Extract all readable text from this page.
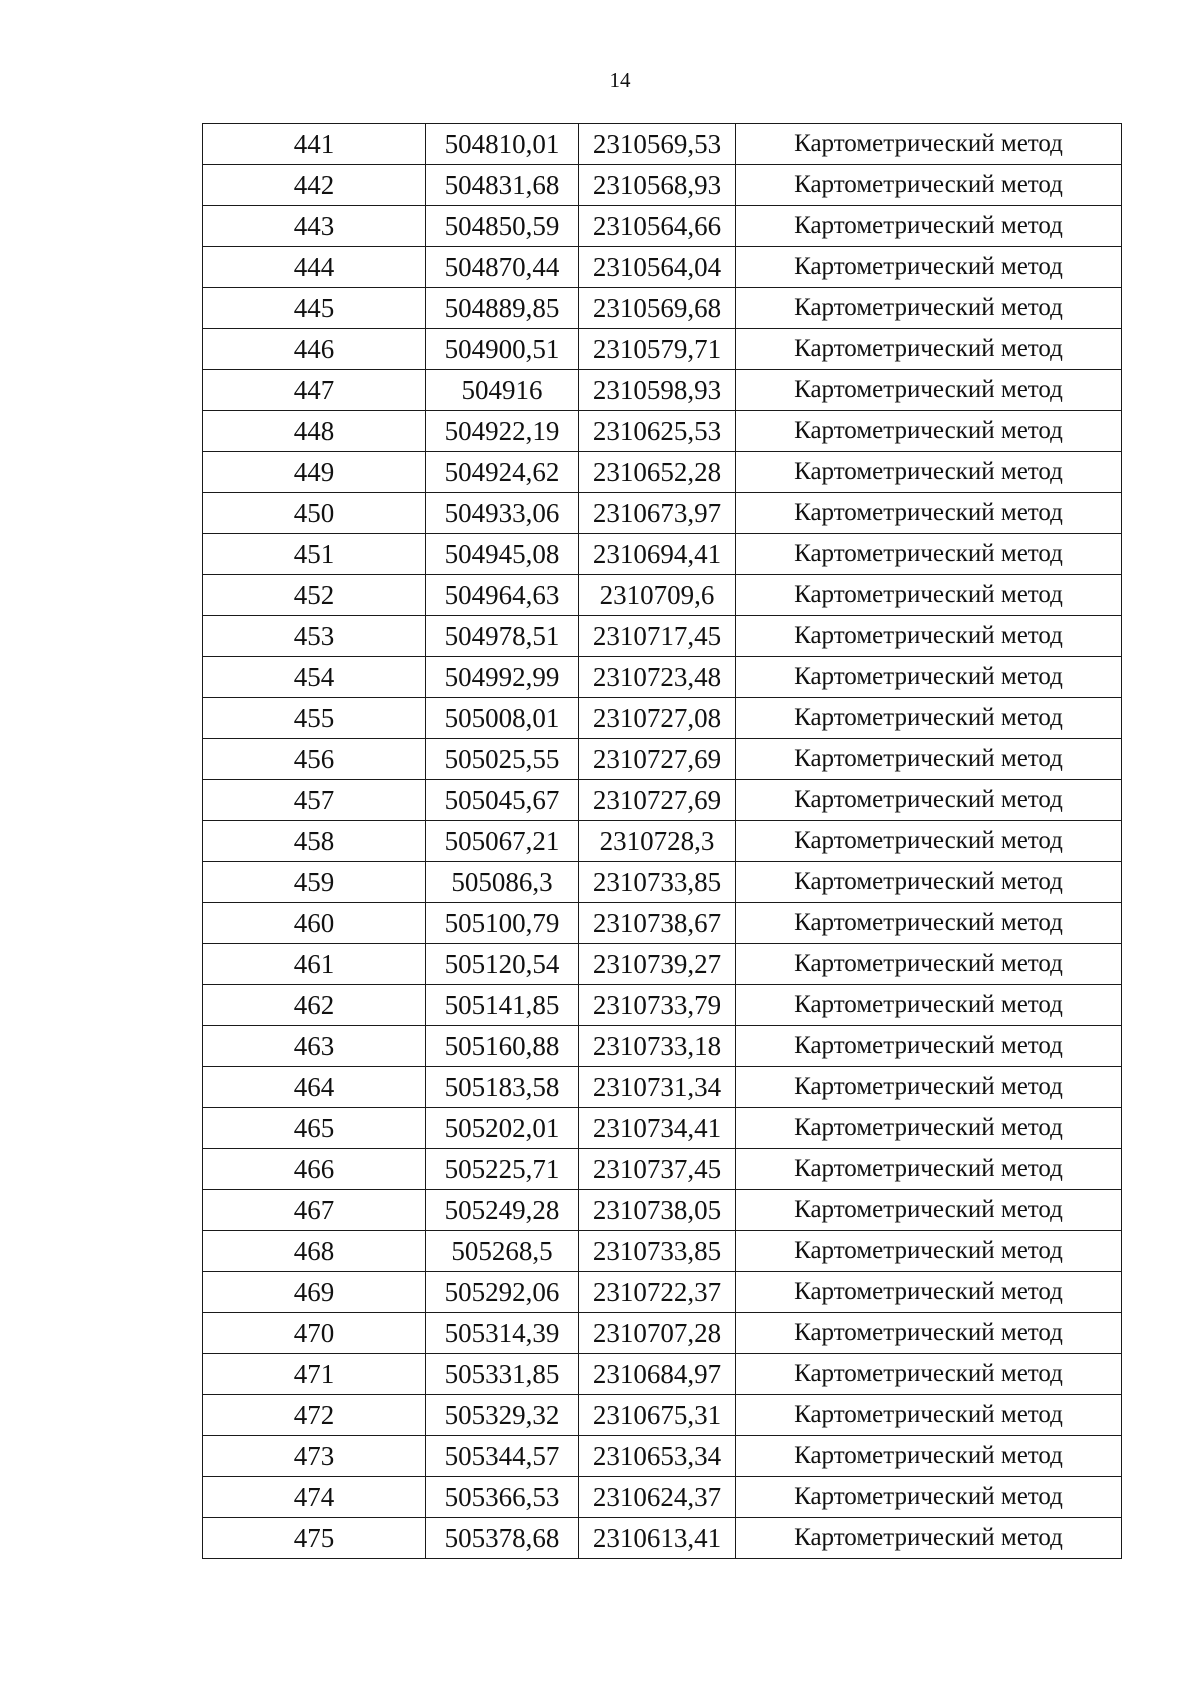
14
441	504810,01	2310569,53	Картометрический метод
442	504831,68	2310568,93	Картометрический метод
443	504850,59	2310564,66	Картометрический метод
444	504870,44	2310564,04	Картометрический метод
445	504889,85	2310569,68	Картометрический метод
446	504900,51	2310579,71	Картометрический метод
447	504916	2310598,93	Картометрический метод
448	504922,19	2310625,53	Картометрический метод
449	504924,62	2310652,28	Картометрический метод
450	504933,06	2310673,97	Картометрический метод
451	504945,08	2310694,41	Картометрический метод
452	504964,63	2310709,6	Картометрический метод
453	504978,51	2310717,45	Картометрический метод
454	504992,99	2310723,48	Картометрический метод
455	505008,01	2310727,08	Картометрический метод
456	505025,55	2310727,69	Картометрический метод
457	505045,67	2310727,69	Картометрический метод
458	505067,21	2310728,3	Картометрический метод
459	505086,3	2310733,85	Картометрический метод
460	505100,79	2310738,67	Картометрический метод
461	505120,54	2310739,27	Картометрический метод
462	505141,85	2310733,79	Картометрический метод
463	505160,88	2310733,18	Картометрический метод
464	505183,58	2310731,34	Картометрический метод
465	505202,01	2310734,41	Картометрический метод
466	505225,71	2310737,45	Картометрический метод
467	505249,28	2310738,05	Картометрический метод
468	505268,5	2310733,85	Картометрический метод
469	505292,06	2310722,37	Картометрический метод
470	505314,39	2310707,28	Картометрический метод
471	505331,85	2310684,97	Картометрический метод
472	505329,32	2310675,31	Картометрический метод
473	505344,57	2310653,34	Картометрический метод
474	505366,53	2310624,37	Картометрический метод
475	505378,68	2310613,41	Картометрический метод
